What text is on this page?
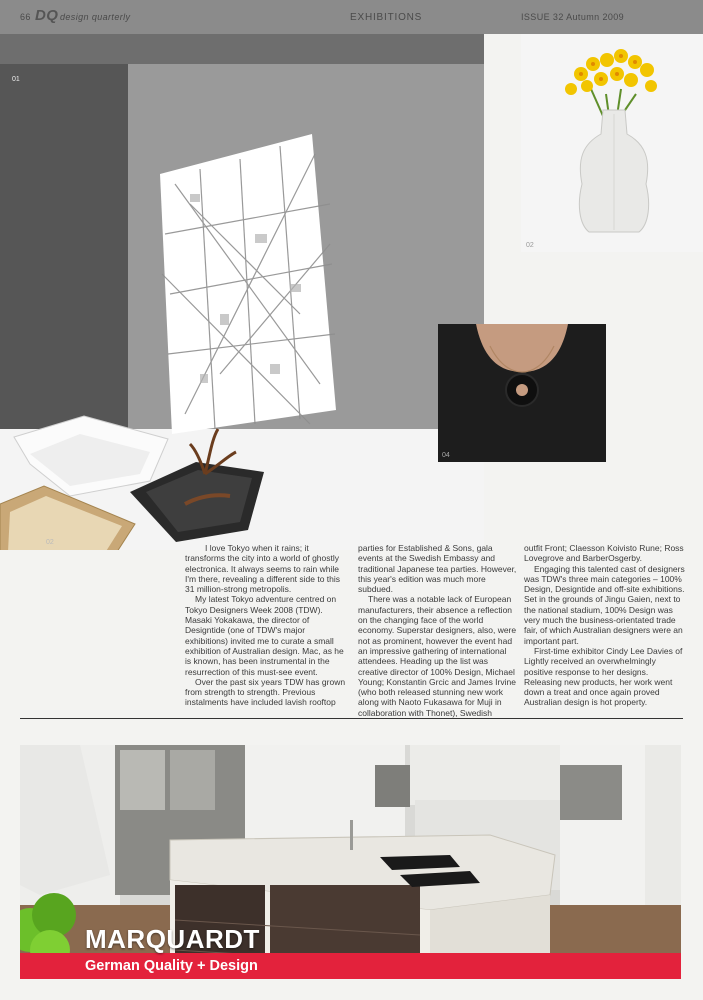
66 DQ design quarterly	EXHIBITIONS	ISSUE 32 Autumn 2009
01
02
02
04

I love Tokyo when it rains; it transforms the city into a world of ghostly electronica. It always seems to rain while I'm there, revealing a different side to this 31 million-strong metropolis.

My latest Tokyo adventure centred on Tokyo Designers Week 2008 (TDW). Masaki Yokakawa, the director of Designtide (one of TDW's major exhibitions) invited me to curate a small exhibition of Australian design. Mac, as he is known, has been instrumental in the resurrection of this must-see event.

Over the past six years TDW has grown from strength to strength. Previous instalments have included lavish rooftop

parties for Established & Sons, gala events at the Swedish Embassy and traditional Japanese tea parties. However, this year's edition was much more subdued.

There was a notable lack of European manufacturers, their absence a reflection on the changing face of the world economy. Superstar designers, also, were not as prominent, however the event had an impressive gathering of international attendees. Heading up the list was creative director of 100% Design, Michael Young; Konstantin Grcic and James Irvine (who both released stunning new work along with Naoto Fukasawa for Muji in collaboration with Thonet), Swedish

outfit Front; Claesson Koivisto Rune; Ross Lovegrove and BarberOsgerby.

Engaging this talented cast of designers was TDW's three main categories – 100% Design, Designtide and off-site exhibitions. Set in the grounds of Jingu Gaien, next to the national stadium, 100% Design was very much the business-orientated trade fair, of which Australian designers were an important part.

First-time exhibitor Cindy Lee Davies of Lightly received an overwhelmingly positive response to her designs. Releasing new products, her work went down a treat and once again proved Australian design is hot property.

MARQUARDT
German Quality + Design
